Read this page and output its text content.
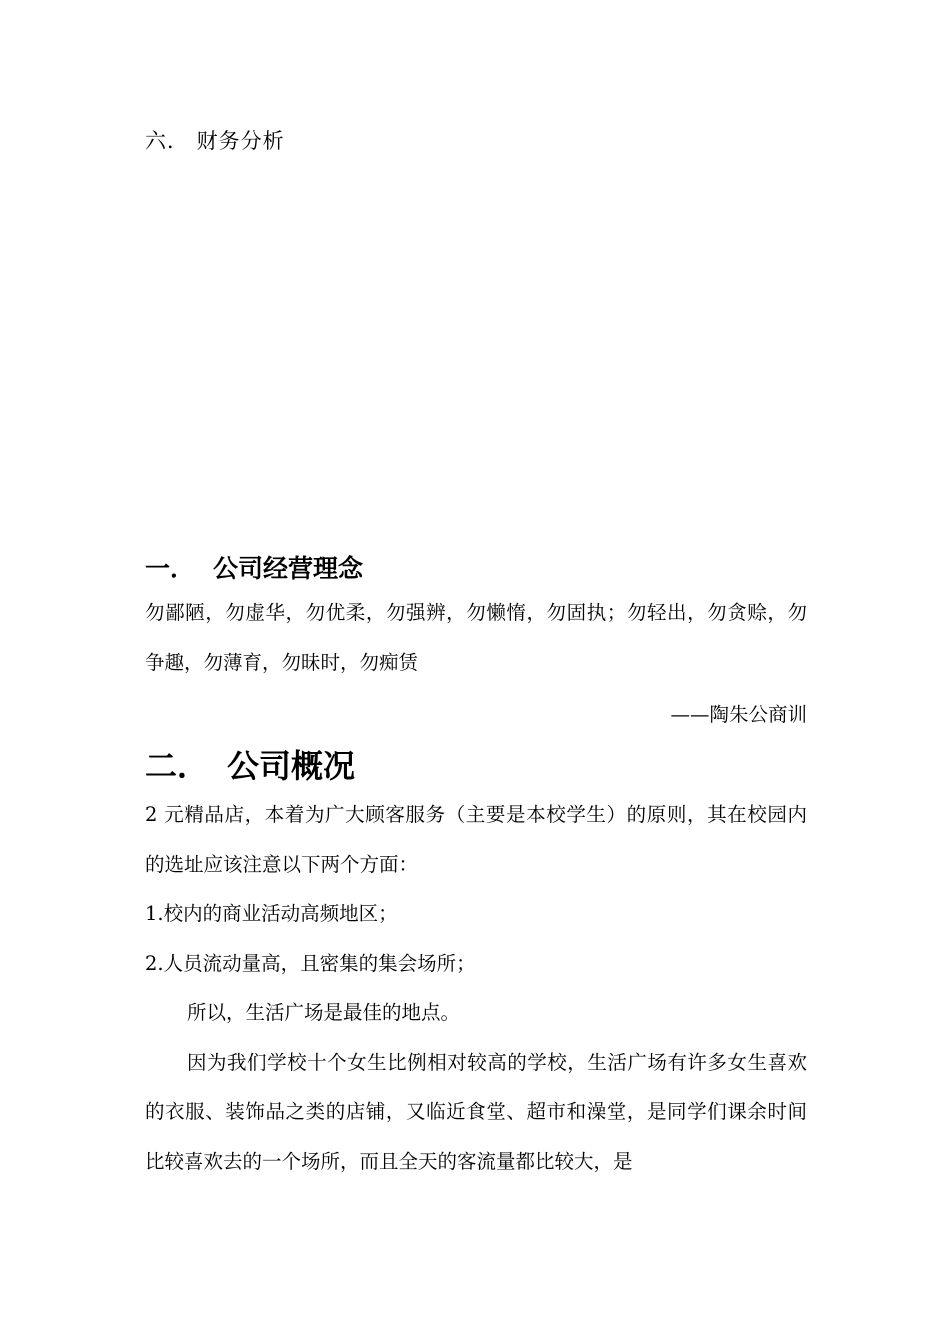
六． 财务分析
一． 公司经营理念

勿鄙陋，勿虚华，勿优柔，勿强辨，勿懒惰，勿固执；勿轻出，勿贪赊，勿争趣，勿薄育，勿昧时，勿痴赁

——陶朱公商训
二． 公司概况

2 元精品店，本着为广大顾客服务（主要是本校学生）的原则，其在校园内的选址应该注意以下两个方面：

1.校内的商业活动高频地区；

2.人员流动量高，且密集的集会场所；

所以，生活广场是最佳的地点。

因为我们学校十个女生比例相对较高的学校，生活广场有许多女生喜欢的衣服、装饰品之类的店铺，又临近食堂、超市和澡堂，是同学们课余时间比较喜欢去的一个场所，而且全天的客流量都比较大，是
